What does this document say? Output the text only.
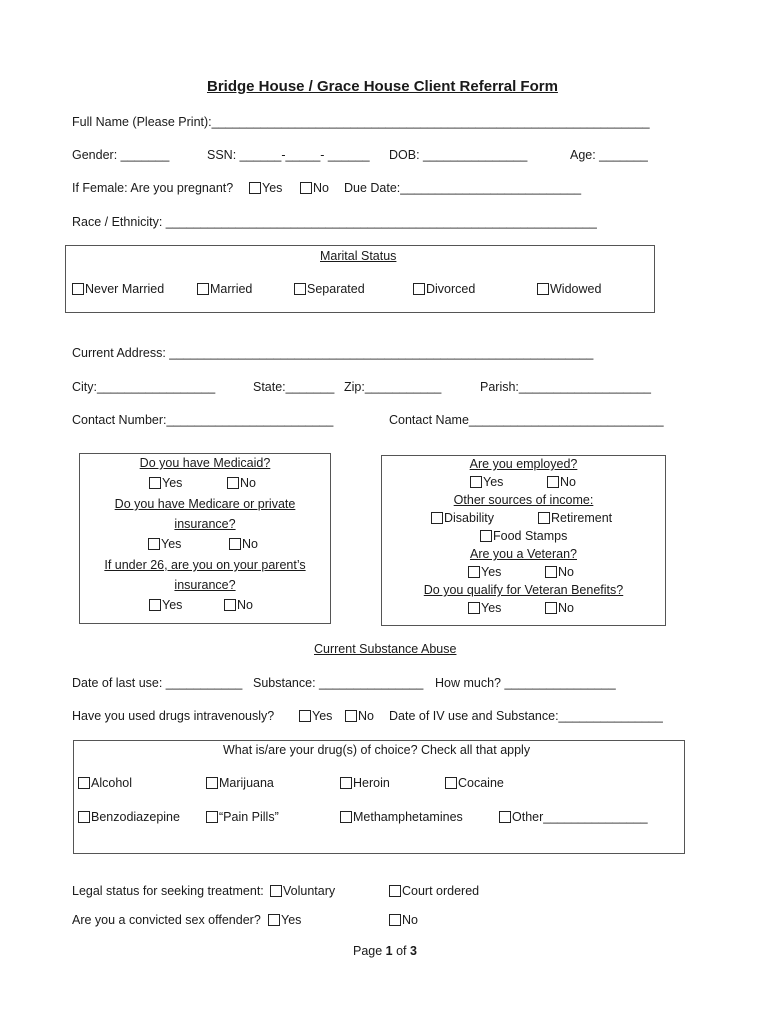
Bridge House / Grace House Client Referral Form
Full Name (Please Print):_______________________________________________________________
Gender: _______	SSN: ______-_____- ______ DOB: _______________	Age: _______
If Female: Are you pregnant?	Yes	No Due Date:__________________________
Race / Ethnicity: ______________________________________________________________
Marital Status
Never Married	Married	Separated	Divorced	Widowed
Current Address: _____________________________________________________________
City:_________________	State:_______ Zip:___________	Parish:___________________
Contact Number:________________________	Contact Name____________________________
Do you have Medicaid?
Yes	No
Do you have Medicare or private
insurance?
Yes	No
If under 26, are you on your parent’s
insurance?
Yes	No
Are you employed?
Yes	No
Other sources of income:
Disability	Retirement
Food Stamps
Are you a Veteran?
Yes	No
Do you qualify for Veteran Benefits?
Yes	No
Current Substance Abuse
Date of last use: ___________ Substance: _______________ How much? ________________
Have you used drugs intravenously?	Yes	No Date of IV use and Substance:_______________
What is/are your drug(s) of choice? Check all that apply
Alcohol	Marijuana	Heroin	Cocaine
Benzodiazepine	“Pain Pills”	Methamphetamines	Other_______________
Legal status for seeking treatment:	Voluntary	Court ordered
Are you a convicted sex offender?	Yes	No
Page 1 of 3
